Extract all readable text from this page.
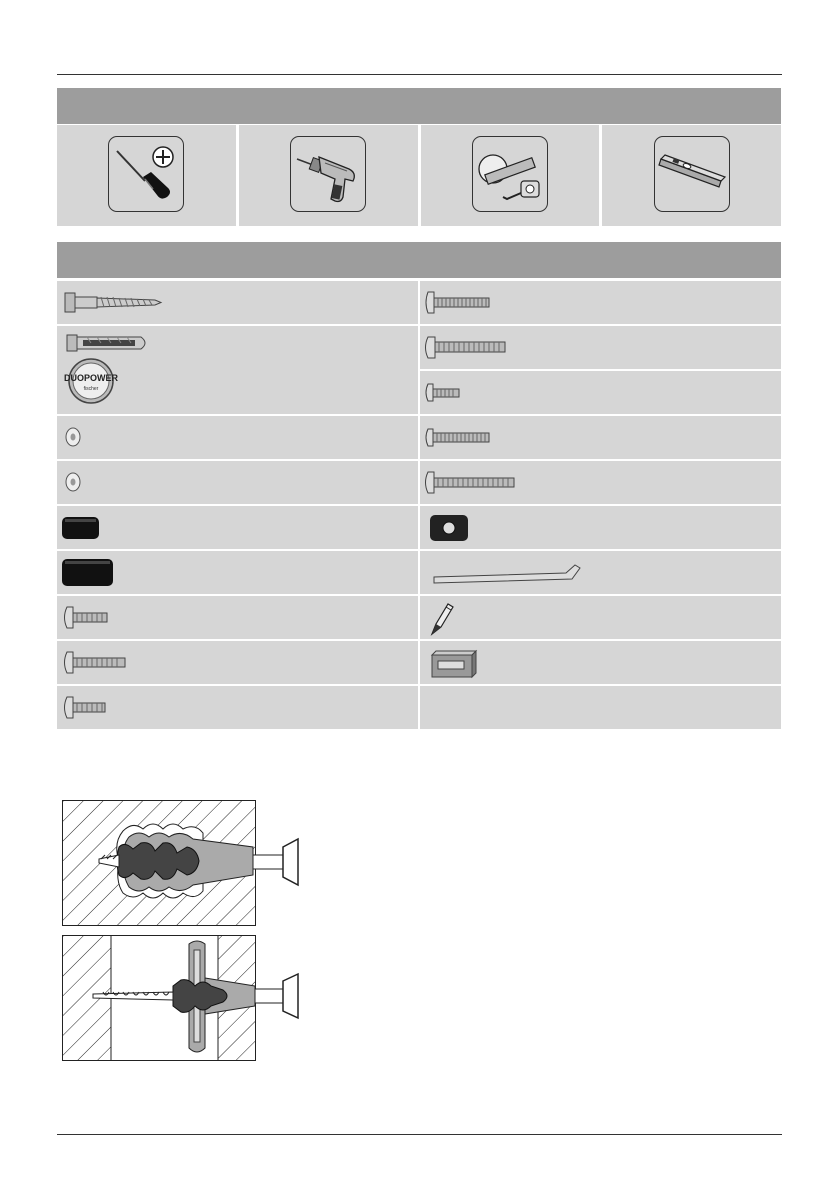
DUOPOWER
fischer
